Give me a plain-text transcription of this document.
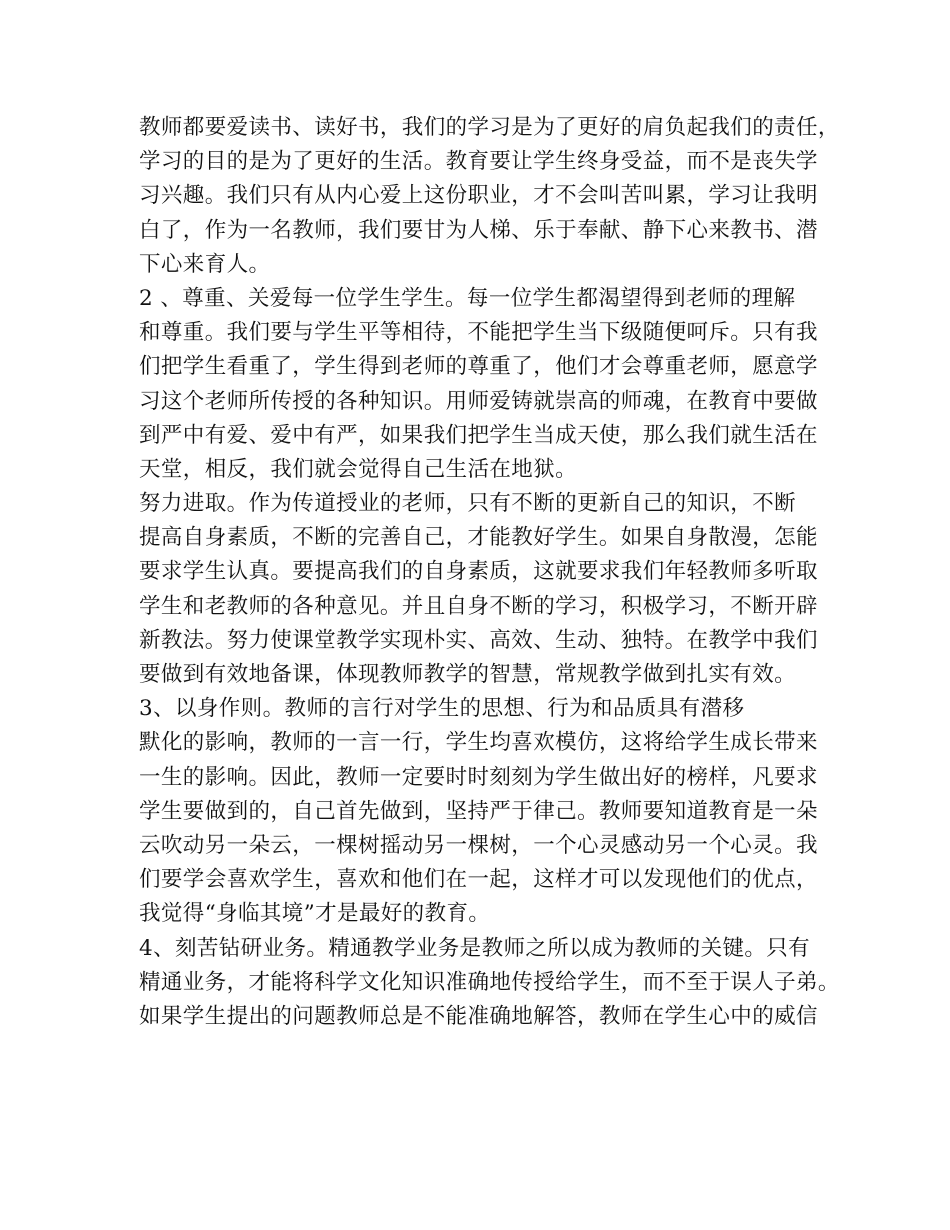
教师都要爱读书、读好书，我们的学习是为了更好的肩负起我们的责任，
学习的目的是为了更好的生活。教育要让学生终身受益，而不是丧失学
习兴趣。我们只有从内心爱上这份职业，才不会叫苦叫累，学习让我明
白了，作为一名教师，我们要甘为人梯、乐于奉献、静下心来教书、潜
下心来育人。
2 、尊重、关爱每一位学生学生。每一位学生都渴望得到老师的理解
和尊重。我们要与学生平等相待，不能把学生当下级随便呵斥。只有我
们把学生看重了，学生得到老师的尊重了，他们才会尊重老师，愿意学
习这个老师所传授的各种知识。用师爱铸就崇高的师魂，在教育中要做
到严中有爱、爱中有严，如果我们把学生当成天使，那么我们就生活在
天堂，相反，我们就会觉得自己生活在地狱。
努力进取。作为传道授业的老师，只有不断的更新自己的知识，不断
提高自身素质，不断的完善自己，才能教好学生。如果自身散漫，怎能
要求学生认真。要提高我们的自身素质，这就要求我们年轻教师多听取
学生和老教师的各种意见。并且自身不断的学习，积极学习，不断开辟
新教法。努力使课堂教学实现朴实、高效、生动、独特。在教学中我们
要做到有效地备课，体现教师教学的智慧，常规教学做到扎实有效。
3、以身作则。教师的言行对学生的思想、行为和品质具有潜移
默化的影响，教师的一言一行，学生均喜欢模仿，这将给学生成长带来
一生的影响。因此，教师一定要时时刻刻为学生做出好的榜样，凡要求
学生要做到的，自己首先做到，坚持严于律己。教师要知道教育是一朵
云吹动另一朵云，一棵树摇动另一棵树，一个心灵感动另一个心灵。我
们要学会喜欢学生，喜欢和他们在一起，这样才可以发现他们的优点，
我觉得“身临其境”才是最好的教育。
4、刻苦钻研业务。精通教学业务是教师之所以成为教师的关键。只有
精通业务，才能将科学文化知识准确地传授给学生，而不至于误人子弟。
如果学生提出的问题教师总是不能准确地解答，教师在学生心中的威信
